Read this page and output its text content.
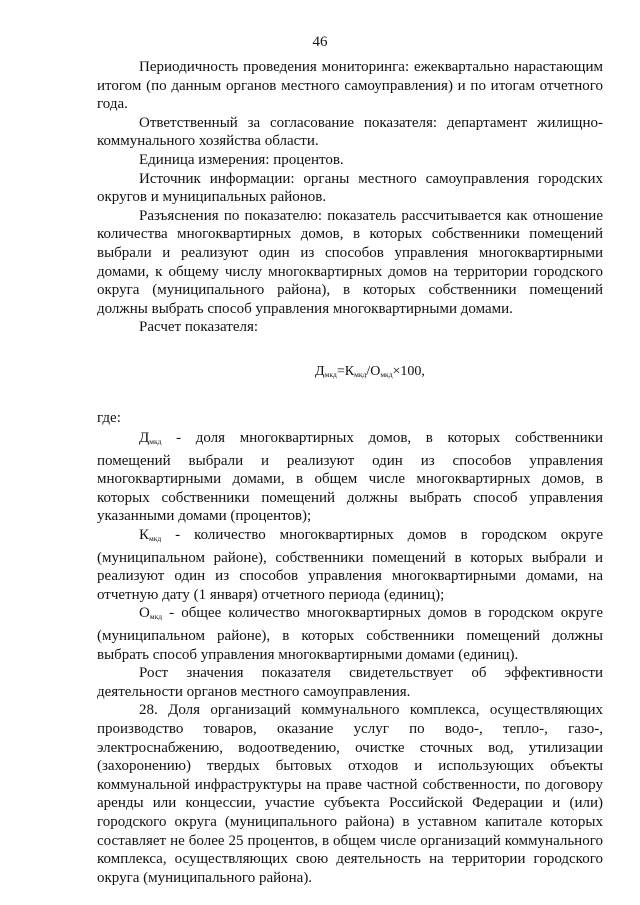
46

Периодичность проведения мониторинга: ежеквартально нарастающим итогом (по данным органов местного самоуправления) и по итогам отчетного года.

Ответственный за согласование показателя: департамент жилищно-коммунального хозяйства области.

Единица измерения: процентов.

Источник информации: органы местного самоуправления городских округов и муниципальных районов.

Разъяснения по показателю: показатель рассчитывается как отношение количества многоквартирных домов, в которых собственники помещений выбрали и реализуют один из способов управления многоквартирными домами, к общему числу многоквартирных домов на территории городского округа (муниципального района), в которых собственники помещений должны выбрать способ управления многоквартирными домами.

Расчет показателя:

$Д_{мкд}=К_{мкд}/О_{мкд}\times 100$,

где:

$Д_{мкд}$ - доля многоквартирных домов, в которых собственники помещений выбрали и реализуют один из способов управления многоквартирными домами, в общем числе многоквартирных домов, в которых собственники помещений должны выбрать способ управления указанными домами (процентов);

$К_{мкд}$ - количество многоквартирных домов в городском округе (муниципальном районе), собственники помещений в которых выбрали и реализуют один из способов управления многоквартирными домами, на отчетную дату (1 января) отчетного периода (единиц);

$О_{мкд}$ - общее количество многоквартирных домов в городском округе (муниципальном районе), в которых собственники помещений должны выбрать способ управления многоквартирными домами (единиц).

Рост значения показателя свидетельствует об эффективности деятельности органов местного самоуправления.

28. Доля организаций коммунального комплекса, осуществляющих производство товаров, оказание услуг по водо-, тепло-, газо-, электроснабжению, водоотведению, очистке сточных вод, утилизации (захоронению) твердых бытовых отходов и использующих объекты коммунальной инфраструктуры на праве частной собственности, по договору аренды или концессии, участие субъекта Российской Федерации и (или) городского округа (муниципального района) в уставном капитале которых составляет не более 25 процентов, в общем числе организаций коммунального комплекса, осуществляющих свою деятельность на территории городского округа (муниципального района).
